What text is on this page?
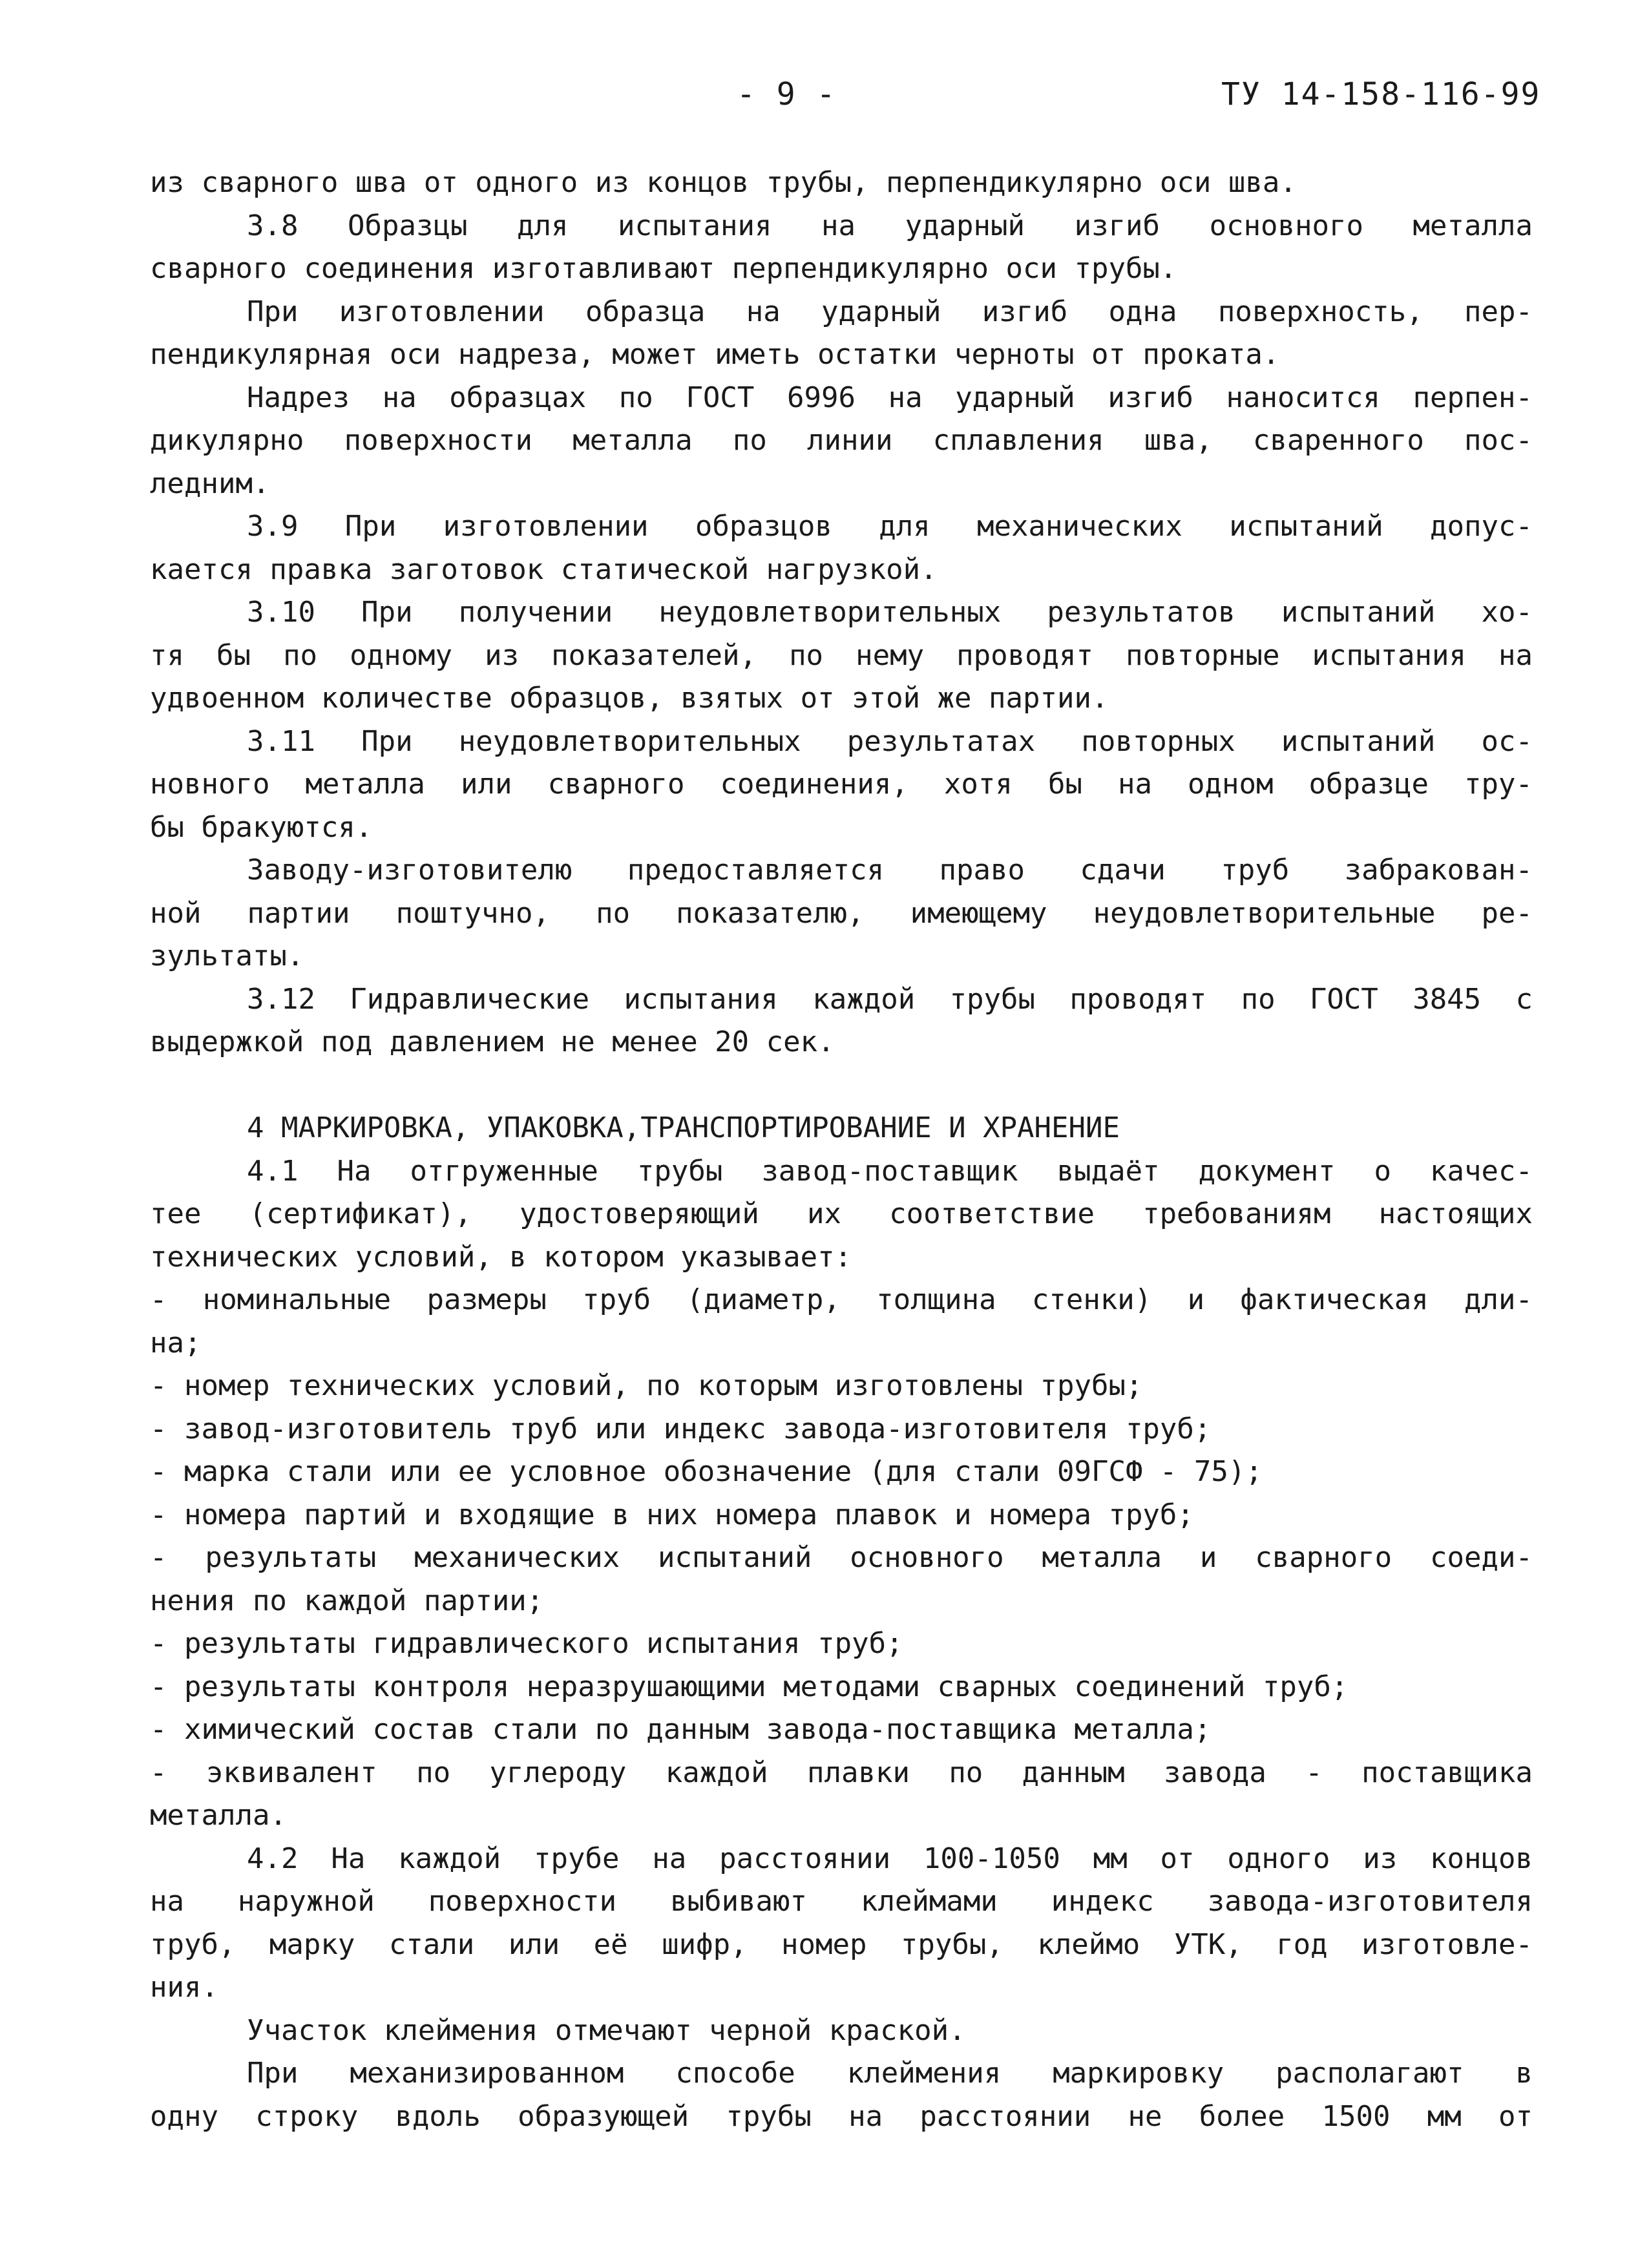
- 9 -	ТУ 14-158-116-99
из сварного шва от одного из концов трубы, перпендикулярно оси шва.
3.8 Образцы для испытания на ударный изгиб основного металла
сварного соединения изготавливают перпендикулярно оси трубы.
При изготовлении образца на ударный изгиб одна поверхность, пер-
пендикулярная оси надреза, может иметь остатки черноты от проката.
Надрез на образцах по ГОСТ 6996 на ударный изгиб наносится перпен-
дикулярно поверхности металла по линии сплавления шва, сваренного пос-
ледним.
3.9 При изготовлении образцов для механических испытаний допус-
кается правка заготовок статической нагрузкой.
3.10 При получении неудовлетворительных результатов испытаний хо-
тя бы по одному из показателей, по нему проводят повторные испытания на
удвоенном количестве образцов, взятых от этой же партии.
3.11 При неудовлетворительных результатах повторных испытаний ос-
новного металла или сварного соединения, хотя бы на одном образце тру-
бы бракуются.
Заводу-изготовителю предоставляется право сдачи труб забракован-
ной партии поштучно, по показателю, имеющему неудовлетворительные ре-
зультаты.
3.12 Гидравлические испытания каждой трубы проводят по ГОСТ 3845 с
выдержкой под давлением не менее 20 сек.
4 МАРКИРОВКА, УПАКОВКА,ТРАНСПОРТИРОВАНИЕ И ХРАНЕНИЕ
4.1 На отгруженные трубы завод-поставщик выдаёт документ о качес-
тее (сертификат), удостоверяющий их соответствие требованиям настоящих
технических условий, в котором указывает:
- номинальные размеры труб (диаметр, толщина стенки) и фактическая дли-
на;
- номер технических условий, по которым изготовлены трубы;
- завод-изготовитель труб или индекс завода-изготовителя труб;
- марка стали или ее условное обозначение (для стали 09ГСФ - 75);
- номера партий и входящие в них номера плавок и номера труб;
- результаты механических испытаний основного металла и сварного соеди-
нения по каждой партии;
- результаты гидравлического испытания труб;
- результаты контроля неразрушающими методами сварных соединений труб;
- химический состав стали по данным завода-поставщика металла;
- эквивалент по углероду каждой плавки по данным завода - поставщика
металла.
4.2 На каждой трубе на расстоянии 100-1050 мм от одного из концов
на наружной поверхности выбивают клеймами индекс завода-изготовителя
труб, марку стали или её шифр, номер трубы, клеймо УТК, год изготовле-
ния.
Участок клеймения отмечают черной краской.
При механизированном способе клеймения маркировку располагают в
одну строку вдоль образующей трубы на расстоянии не более 1500 мм от
